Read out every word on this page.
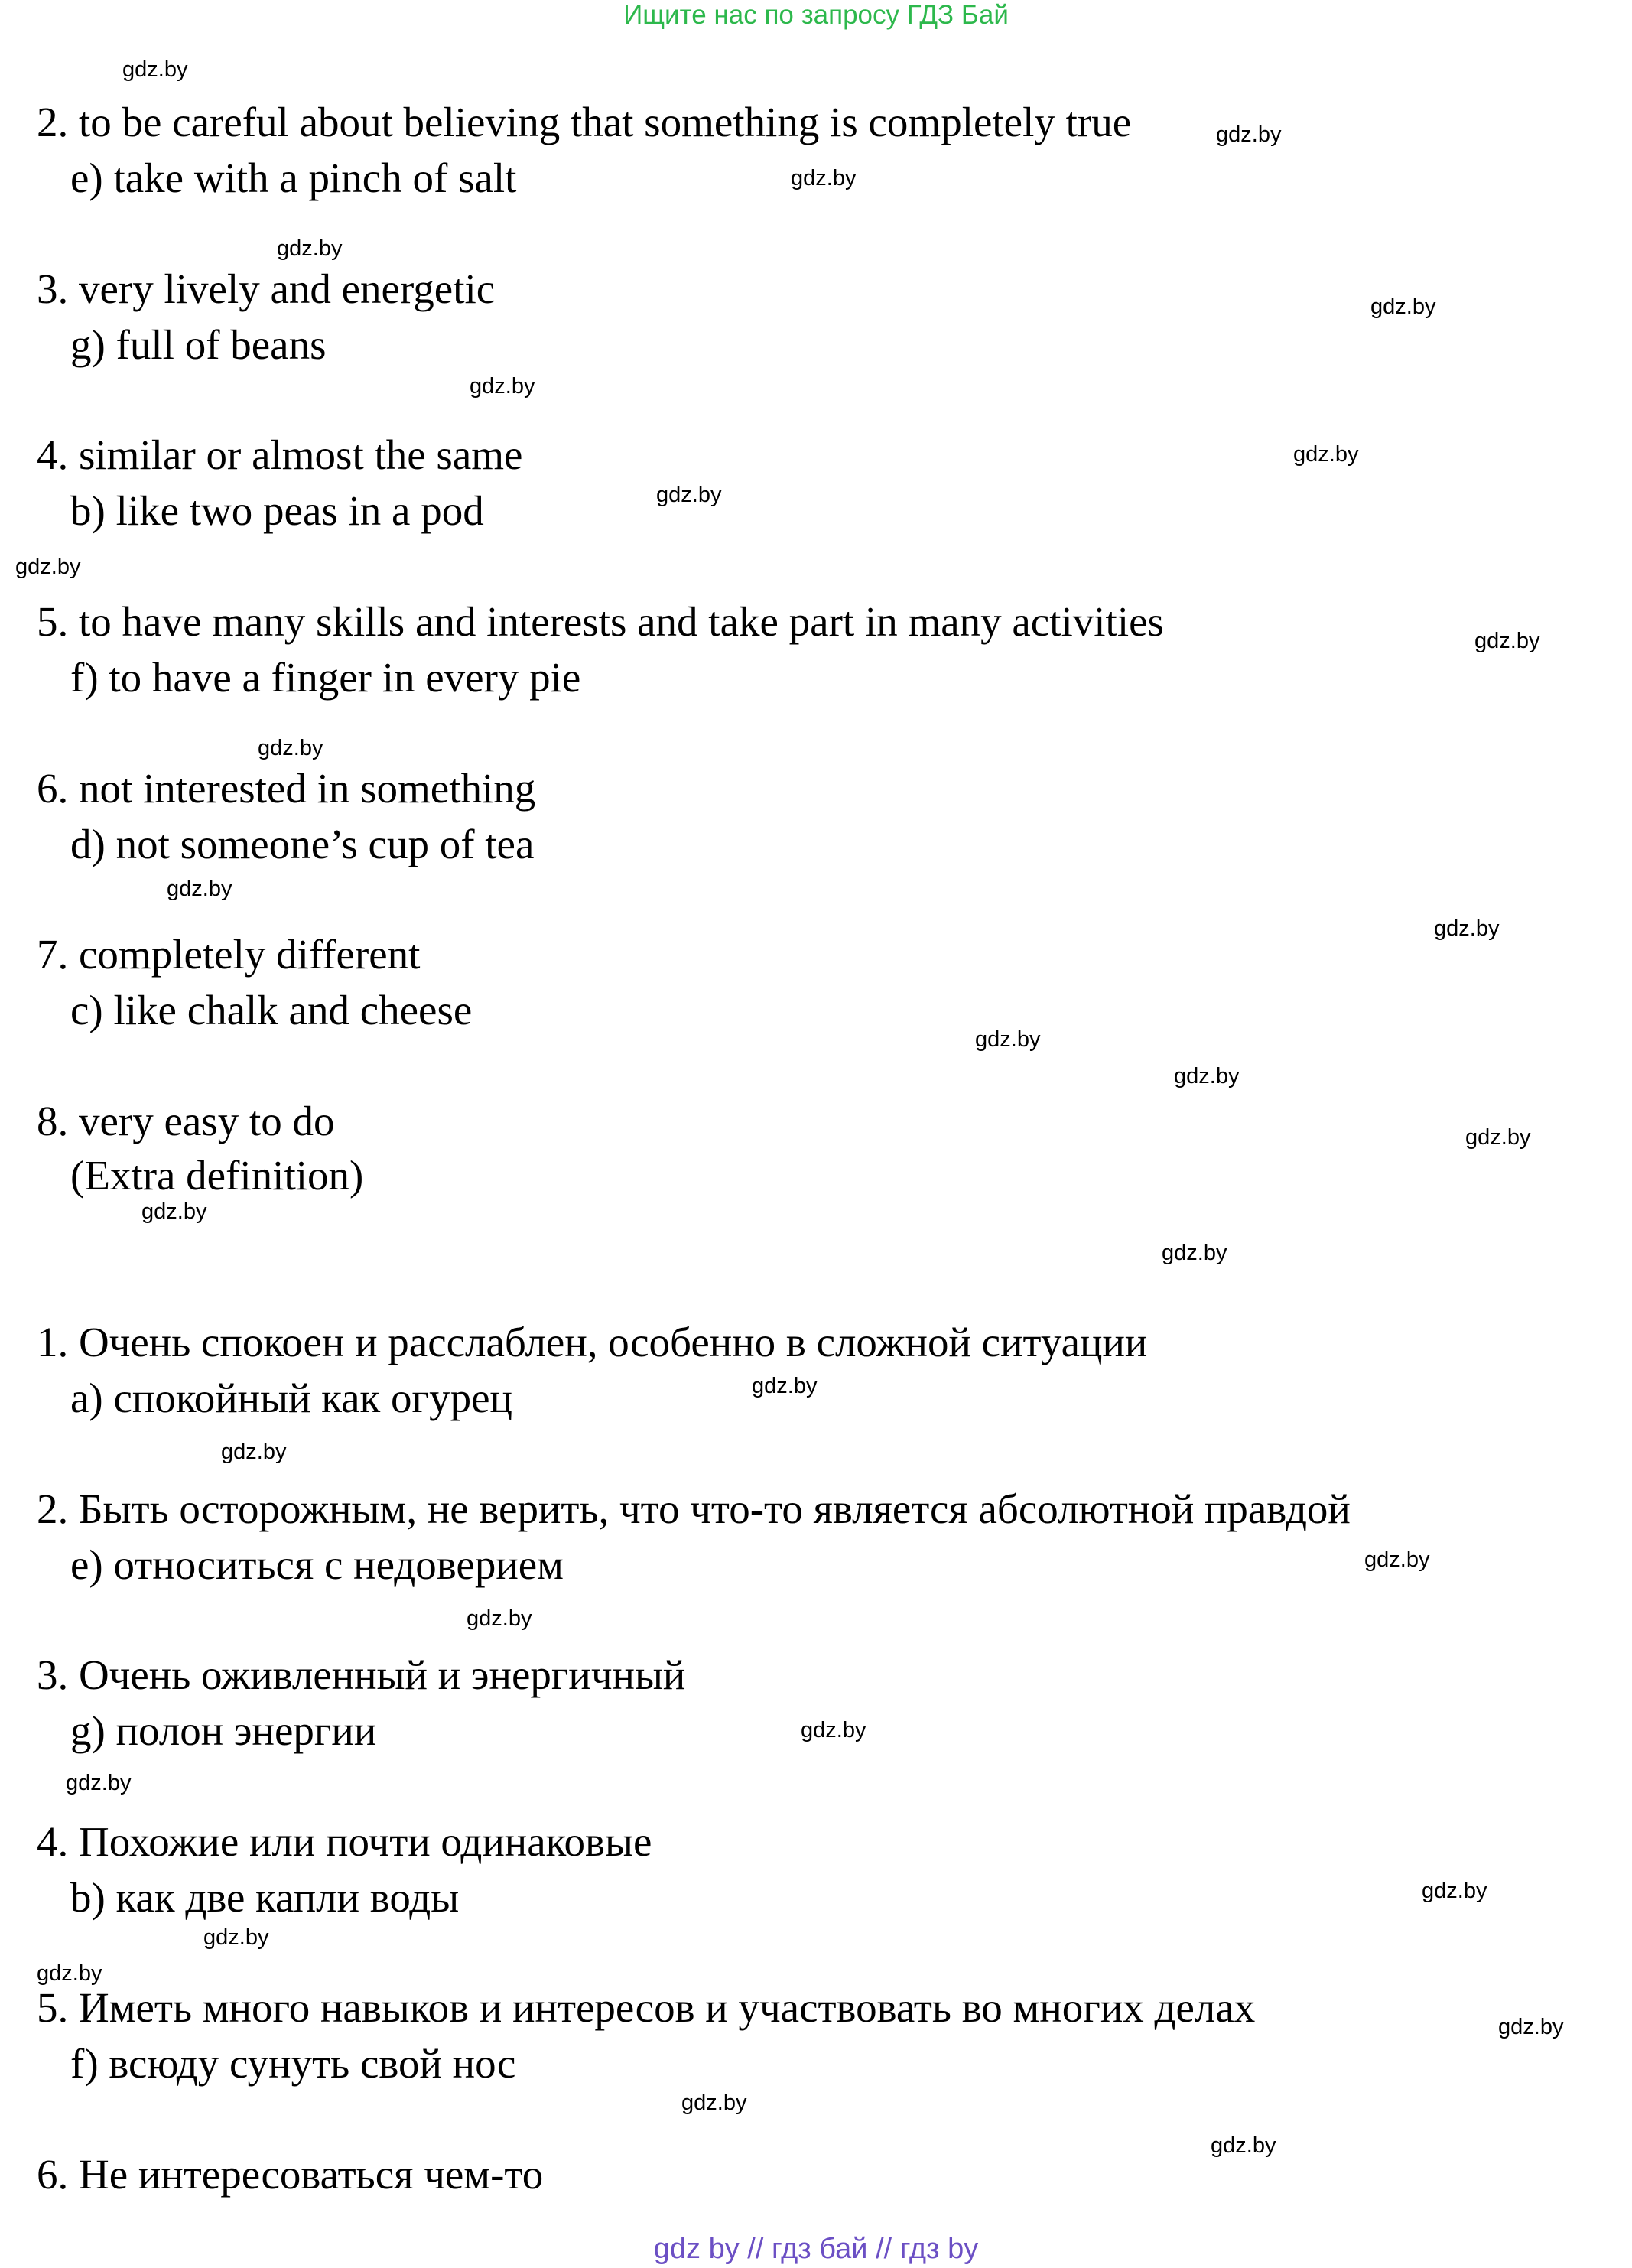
Ищите нас по запросу ГДЗ Бай
2. to be careful about believing that something is completely true
e) take with a pinch of salt
3. very lively and energetic
g) full of beans
4. similar or almost the same
b) like two peas in a pod
5. to have many skills and interests and take part in many activities
f) to have a finger in every pie
6. not interested in something
d) not someone’s cup of tea
7. completely different
c) like chalk and cheese
8. very easy to do
(Extra definition)
1. Очень спокоен и расслаблен, особенно в сложной ситуации
a) спокойный как огурец
2. Быть осторожным, не верить, что что-то является абсолютной правдой
e) относиться с недоверием
3. Очень оживленный и энергичный
g) полон энергии
4. Похожие или почти одинаковые
b) как две капли воды
5. Иметь много навыков и интересов и участвовать во многих делах
f) всюду сунуть свой нос
6. Не интересоваться чем-то
gdz.by
gdz.by
gdz.by
gdz.by
gdz.by
gdz.by
gdz.by
gdz.by
gdz.by
gdz.by
gdz.by
gdz.by
gdz.by
gdz.by
gdz.by
gdz.by
gdz.by
gdz.by
gdz.by
gdz.by
gdz.by
gdz.by
gdz.by
gdz.by
gdz.by
gdz.by
gdz.by
gdz.by
gdz.by
gdz.by
gdz by // гдз бай // гдз by
